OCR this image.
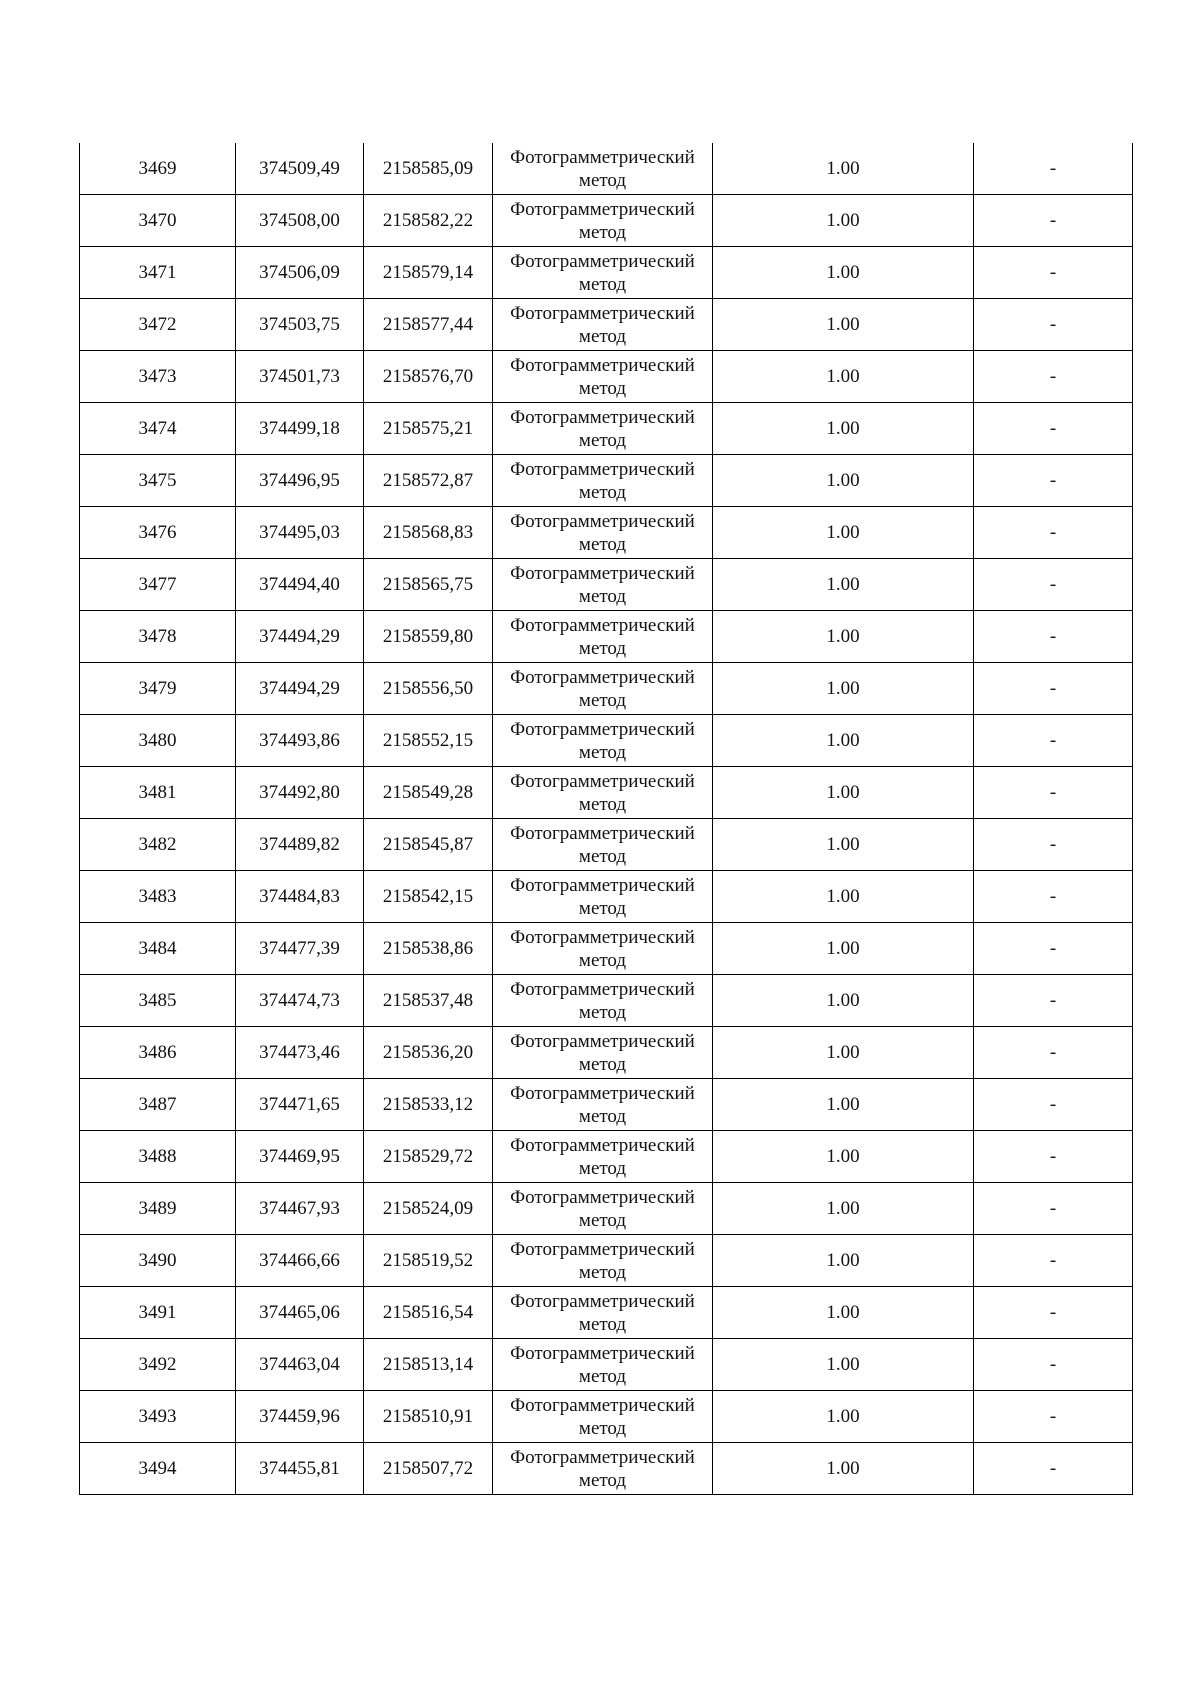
3469	374509,49	2158585,09	Фотограмметрический метод	1.00	-
3470	374508,00	2158582,22	Фотограмметрический метод	1.00	-
3471	374506,09	2158579,14	Фотограмметрический метод	1.00	-
3472	374503,75	2158577,44	Фотограмметрический метод	1.00	-
3473	374501,73	2158576,70	Фотограмметрический метод	1.00	-
3474	374499,18	2158575,21	Фотограмметрический метод	1.00	-
3475	374496,95	2158572,87	Фотограмметрический метод	1.00	-
3476	374495,03	2158568,83	Фотограмметрический метод	1.00	-
3477	374494,40	2158565,75	Фотограмметрический метод	1.00	-
3478	374494,29	2158559,80	Фотограмметрический метод	1.00	-
3479	374494,29	2158556,50	Фотограмметрический метод	1.00	-
3480	374493,86	2158552,15	Фотограмметрический метод	1.00	-
3481	374492,80	2158549,28	Фотограмметрический метод	1.00	-
3482	374489,82	2158545,87	Фотограмметрический метод	1.00	-
3483	374484,83	2158542,15	Фотограмметрический метод	1.00	-
3484	374477,39	2158538,86	Фотограмметрический метод	1.00	-
3485	374474,73	2158537,48	Фотограмметрический метод	1.00	-
3486	374473,46	2158536,20	Фотограмметрический метод	1.00	-
3487	374471,65	2158533,12	Фотограмметрический метод	1.00	-
3488	374469,95	2158529,72	Фотограмметрический метод	1.00	-
3489	374467,93	2158524,09	Фотограмметрический метод	1.00	-
3490	374466,66	2158519,52	Фотограмметрический метод	1.00	-
3491	374465,06	2158516,54	Фотограмметрический метод	1.00	-
3492	374463,04	2158513,14	Фотограмметрический метод	1.00	-
3493	374459,96	2158510,91	Фотограмметрический метод	1.00	-
3494	374455,81	2158507,72	Фотограмметрический метод	1.00	-
